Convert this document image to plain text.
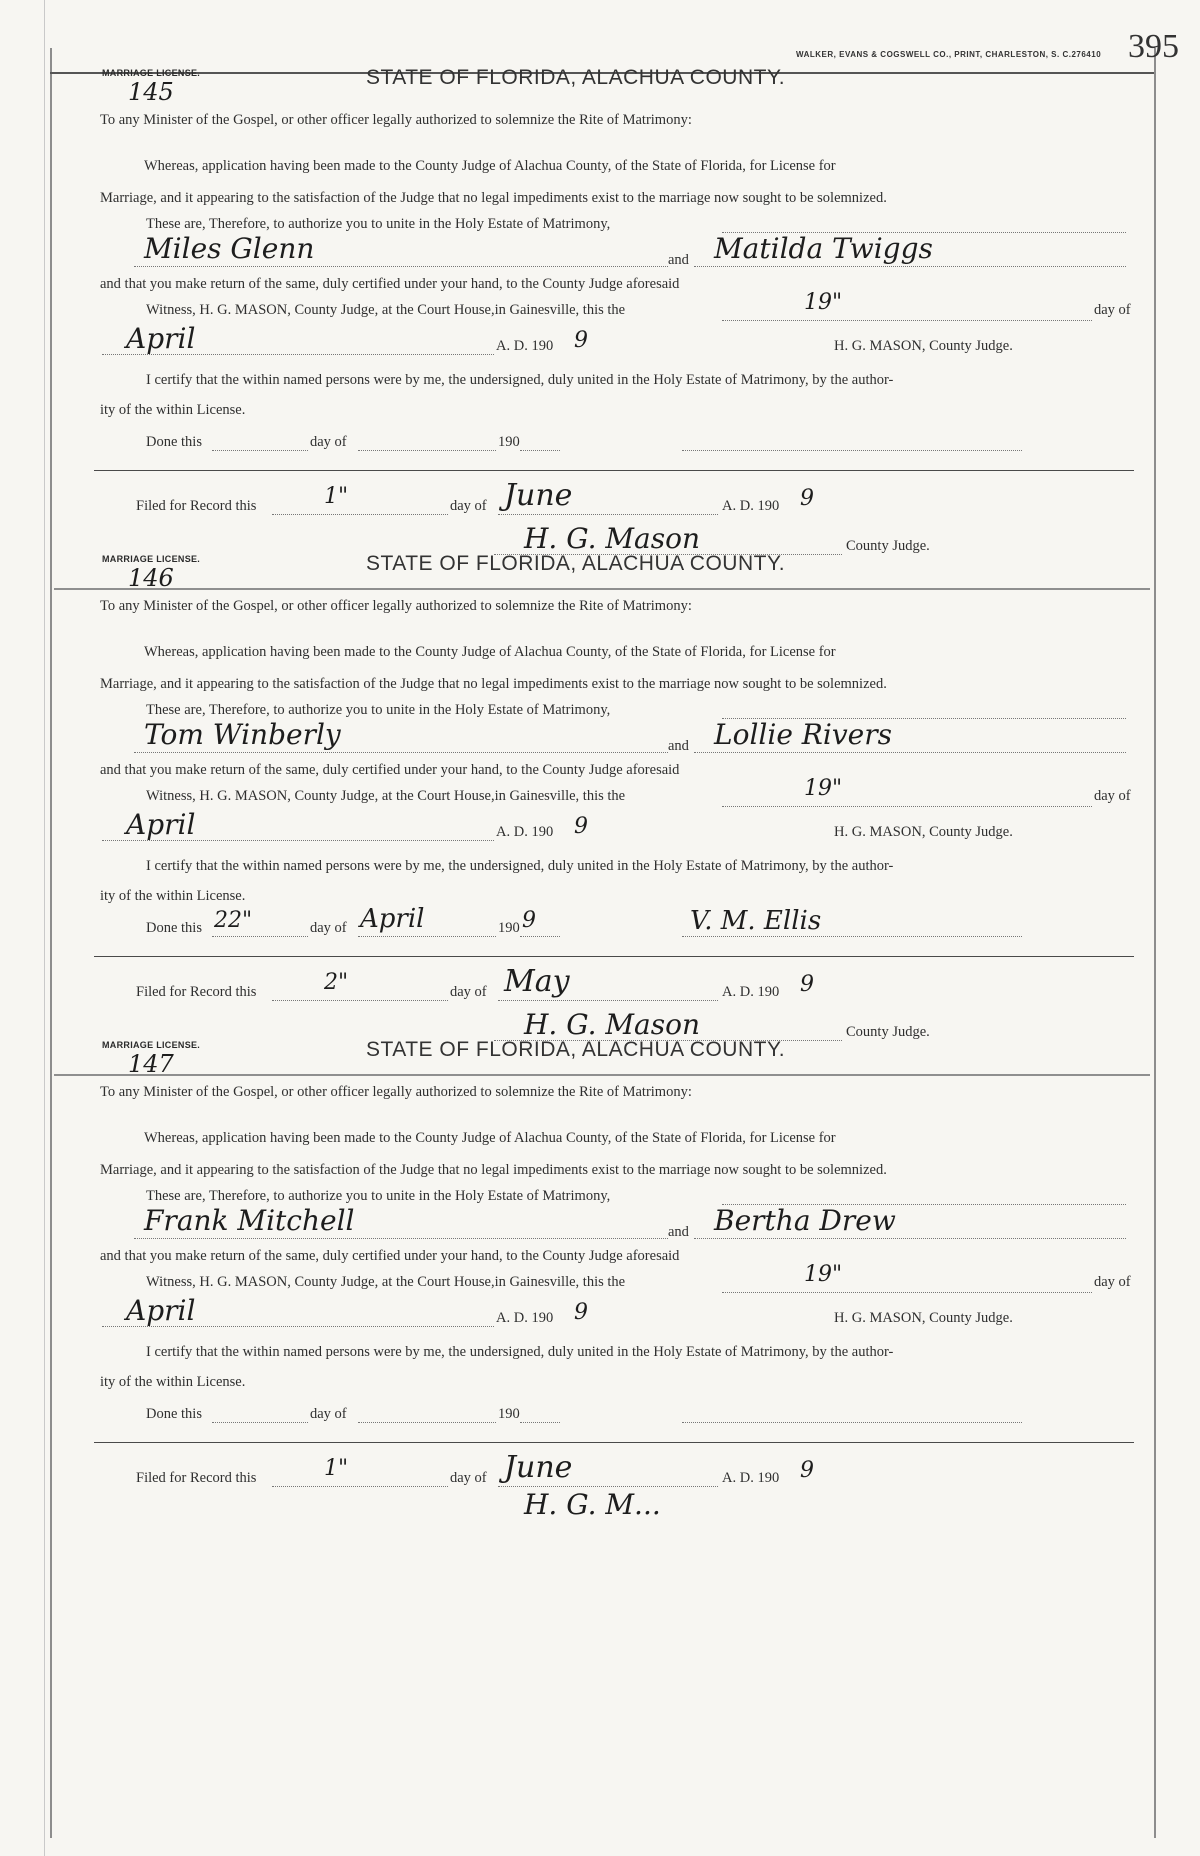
WALKER, EVANS & COGSWELL CO., PRINT, CHARLESTON, S. C.276410 395
MARRIAGE LICENSE.
145
STATE OF FLORIDA, ALACHUA COUNTY.
To any Minister of the Gospel, or other officer legally authorized to solemnize the Rite of Matrimony:
Whereas, application having been made to the County Judge of Alachua County, of the State of Florida, for License for
Marriage, and it appearing to the satisfaction of the Judge that no legal impediments exist to the marriage now sought to be solemnized.
These are, Therefore, to authorize you to unite in the Holy Estate of Matrimony,
Miles Glenn	and Matilda Twiggs
and that you make return of the same, duly certified under your hand, to the County Judge aforesaid
Witness, H. G. MASON, County Judge, at the Court House,in Gainesville, this the	19"	day of
April	A. D. 190 9	H. G. MASON, County Judge.
I certify that the within named persons were by me, the undersigned, duly united in the Holy Estate of Matrimony, by the author-
ity of the within License.
Done this	day of	190
Filed for Record this	1"	day of June	A. D. 190 9
H. G. Mason	County Judge.
MARRIAGE LICENSE.
146
STATE OF FLORIDA, ALACHUA COUNTY.
To any Minister of the Gospel, or other officer legally authorized to solemnize the Rite of Matrimony:
Whereas, application having been made to the County Judge of Alachua County, of the State of Florida, for License for
Marriage, and it appearing to the satisfaction of the Judge that no legal impediments exist to the marriage now sought to be solemnized.
These are, Therefore, to authorize you to unite in the Holy Estate of Matrimony,
Tom Winberly	and Lollie Rivers
and that you make return of the same, duly certified under your hand, to the County Judge aforesaid
Witness, H. G. MASON, County Judge, at the Court House,in Gainesville, this the	19"	day of
April	A. D. 190 9	H. G. MASON, County Judge.
I certify that the within named persons were by me, the undersigned, duly united in the Holy Estate of Matrimony, by the author-
ity of the within License.
Done this 22"	day of April	190 9	V. M. Ellis
Filed for Record this	2"	day of May	A. D. 190 9
H. G. Mason	County Judge.
MARRIAGE LICENSE.
147
STATE OF FLORIDA, ALACHUA COUNTY.
To any Minister of the Gospel, or other officer legally authorized to solemnize the Rite of Matrimony:
Whereas, application having been made to the County Judge of Alachua County, of the State of Florida, for License for
Marriage, and it appearing to the satisfaction of the Judge that no legal impediments exist to the marriage now sought to be solemnized.
These are, Therefore, to authorize you to unite in the Holy Estate of Matrimony,
Frank Mitchell	and Bertha Drew
and that you make return of the same, duly certified under your hand, to the County Judge aforesaid
Witness, H. G. MASON, County Judge, at the Court House,in Gainesville, this the	19"	day of
April	A. D. 190 9	H. G. MASON, County Judge.
I certify that the within named persons were by me, the undersigned, duly united in the Holy Estate of Matrimony, by the author-
ity of the within License.
Done this	day of	190
Filed for Record this	1"	day of June	A. D. 190 9
H. G. M...
